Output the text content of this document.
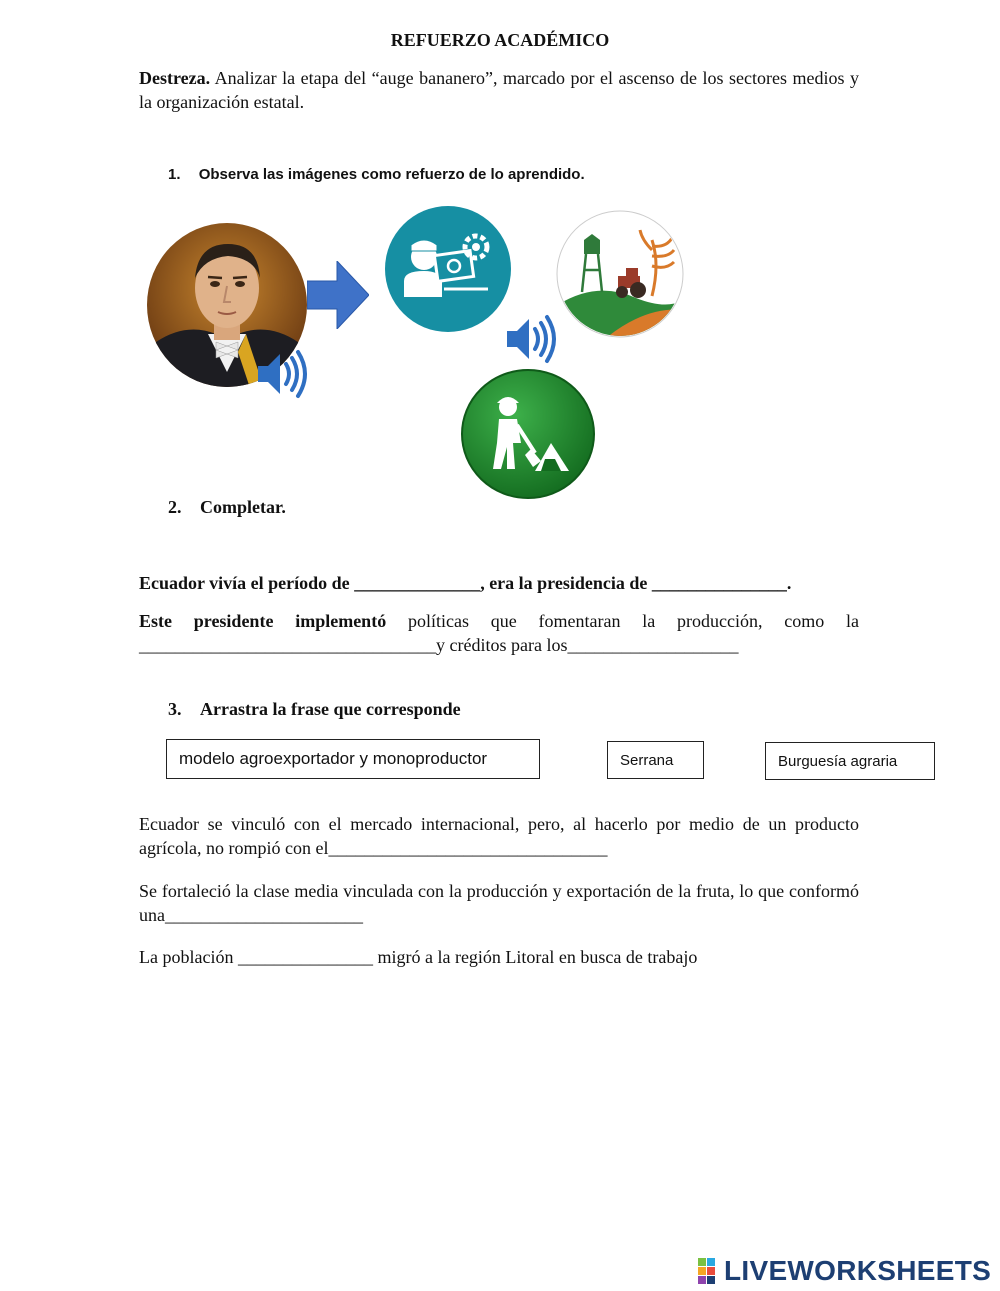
REFUERZO ACADÉMICO
Destreza. Analizar la etapa del “auge bananero”, marcado por el ascenso de los sectores medios y la organización estatal.
1. Observa las imágenes como refuerzo de lo aprendido.
2. Completar.
Ecuador vivía el período de ______________, era la presidencia de _______________.
Este presidente implementó políticas que fomentaran la producción, como la
_________________________________y créditos para los___________________
3. Arrastra la frase que corresponde
modelo agroexportador y monoproductor	Serrana	Burguesía agraria
Ecuador se vinculó con el mercado internacional, pero, al hacerlo por medio de un producto agrícola, no rompió con el_______________________________
Se fortaleció la clase media vinculada con la producción y exportación de la fruta, lo que conformó una______________________
La población _______________ migró a la región Litoral en busca de trabajo
LIVEWORKSHEETS
